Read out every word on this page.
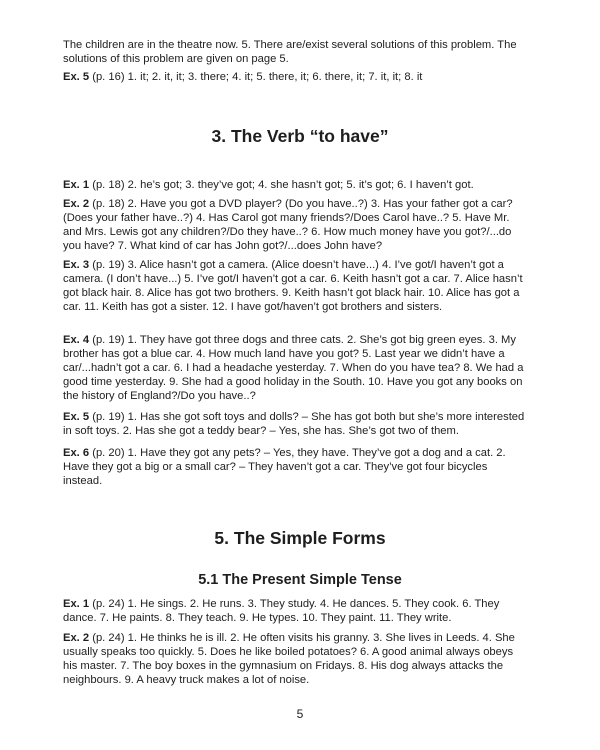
The children are in the theatre now. 5. There are/exist several solutions of this problem. The solutions of this problem are given on page 5.

Ex. 5 (p. 16) 1. it; 2. it, it; 3. there; 4. it; 5. there, it; 6. there, it; 7. it, it; 8. it

3. The Verb “to have”

Ex. 1 (p. 18) 2. he’s got; 3. they’ve got; 4. she hasn’t got; 5. it’s got; 6. I haven’t got.

Ex. 2 (p. 18) 2. Have you got a DVD player? (Do you have..?) 3. Has your father got a car? (Does your father have..?) 4. Has Carol got many friends?/Does Carol have..? 5. Have Mr. and Mrs. Lewis got any children?/Do they have..? 6. How much money have you got?/...do you have? 7. What kind of car has John got?/...does John have?

Ex. 3 (p. 19) 3. Alice hasn’t got a camera. (Alice doesn’t have...) 4. I’ve got/I haven’t got a camera. (I don’t have...) 5. I’ve got/I haven’t got a car. 6. Keith hasn’t got a car. 7. Alice hasn’t got black hair. 8. Alice has got two brothers. 9. Keith hasn’t got black hair. 10. Alice has got a car. 11. Keith has got a sister. 12. I have got/haven’t got brothers and sisters.

Ex. 4 (p. 19) 1. They have got three dogs and three cats. 2. She’s got big green eyes. 3. My brother has got a blue car. 4. How much land have you got? 5. Last year we didn’t have a car/...hadn’t got a car. 6. I had a headache yesterday. 7. When do you have tea? 8. We had a good time yesterday. 9. She had a good holiday in the South. 10. Have you got any books on the history of England?/Do you have..?

Ex. 5 (p. 19) 1. Has she got soft toys and dolls? – She has got both but she’s more interested in soft toys. 2. Has she got a teddy bear? – Yes, she has. She’s got two of them.

Ex. 6 (p. 20) 1. Have they got any pets? – Yes, they have. They’ve got a dog and a cat. 2. Have they got a big or a small car? – They haven’t got a car. They’ve got four bicycles instead.

5. The Simple Forms
5.1 The Present Simple Tense

Ex. 1 (p. 24) 1. He sings. 2. He runs. 3. They study. 4. He dances. 5. They cook. 6. They dance. 7. He paints. 8. They teach. 9. He types. 10. They paint. 11. They write.

Ex. 2 (p. 24) 1. He thinks he is ill. 2. He often visits his granny. 3. She lives in Leeds. 4. She usually speaks too quickly. 5. Does he like boiled potatoes? 6. A good animal always obeys his master. 7. The boy boxes in the gymnasium on Fridays. 8. His dog always attacks the neighbours. 9. A heavy truck makes a lot of noise.

5
